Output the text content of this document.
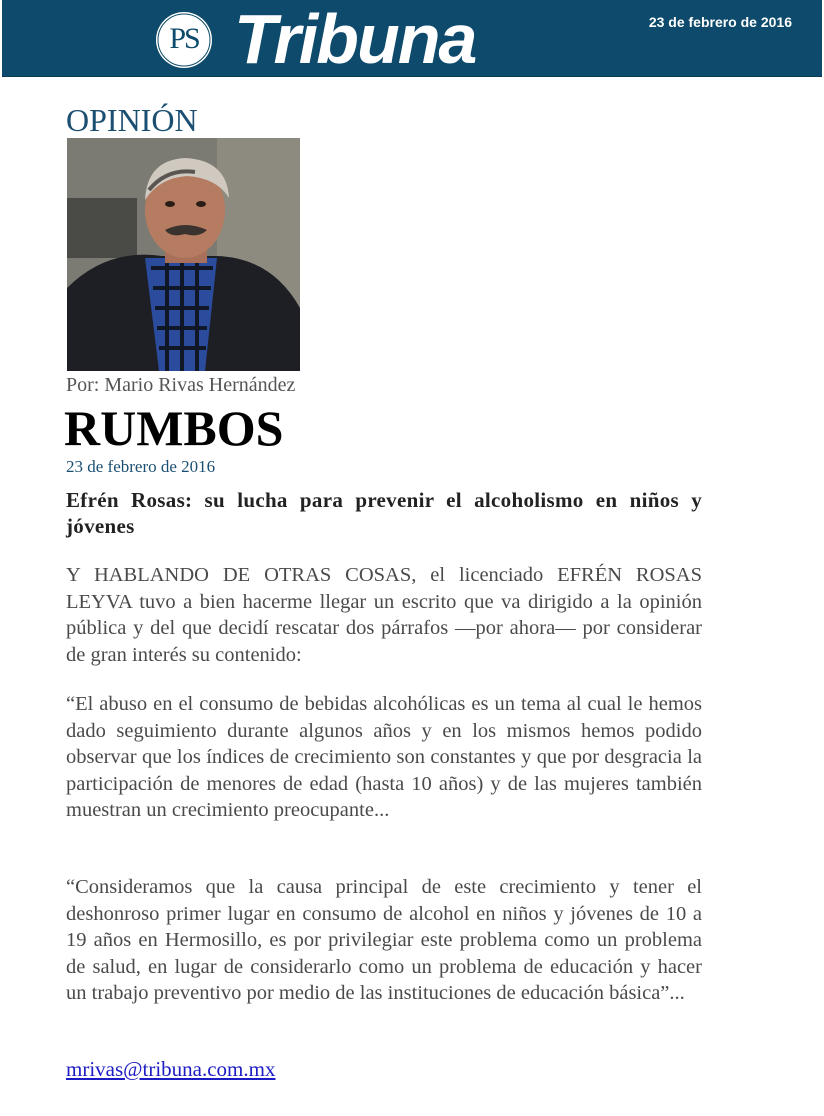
PS Tribuna	23 de febrero de 2016
OPINIÓN
Por: Mario Rivas Hernández
RUMBOS
23 de febrero de 2016
Efrén Rosas: su lucha para prevenir el alcoholismo en niños y jóvenes

Y HABLANDO DE OTRAS COSAS, el licenciado EFRÉN ROSAS LEYVA tuvo a bien hacerme llegar un escrito que va dirigido a la opinión pública y del que decidí rescatar dos párrafos —por ahora— por considerar de gran interés su contenido:

“El abuso en el consumo de bebidas alcohólicas es un tema al cual le hemos dado seguimiento durante algunos años y en los mismos hemos podido observar que los índices de crecimiento son constantes y que por desgracia la participación de menores de edad (hasta 10 años) y de las mujeres también muestran un crecimiento preocupante...

“Consideramos que la causa principal de este crecimiento y tener el deshonroso primer lugar en consumo de alcohol en niños y jóvenes de 10 a 19 años en Hermosillo, es por privilegiar este problema como un problema de salud, en lugar de considerarlo como un problema de educación y hacer un trabajo preventivo por medio de las instituciones de educación básica”...

mrivas@tribuna.com.mx
